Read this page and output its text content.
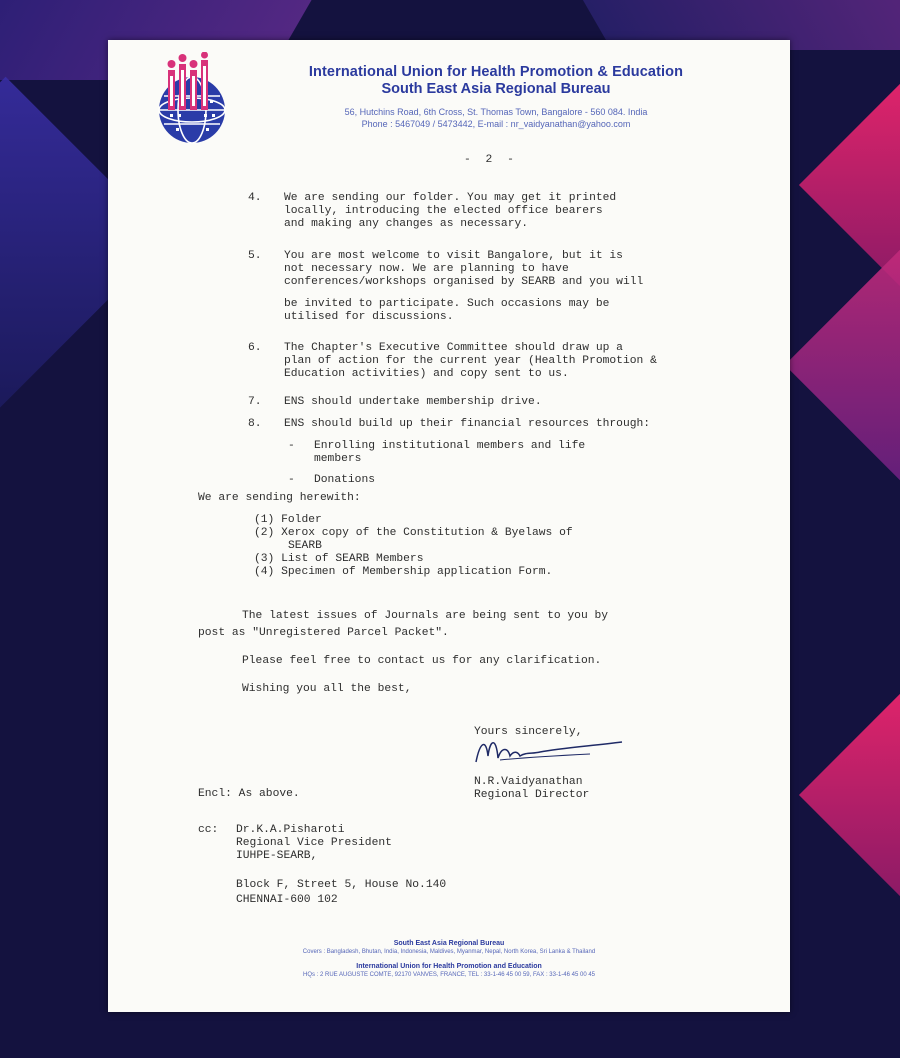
International Union for Health Promotion & Education
South East Asia Regional Bureau
56, Hutchins Road, 6th Cross, St. Thomas Town, Bangalore - 560 084. India
Phone : 5467049 / 5473442, E-mail : nr_vaidyanathan@yahoo.com
- 2 -
4. We are sending our folder. You may get it printed
locally, introducing the elected office bearers
and making any changes as necessary.
5. You are most welcome to visit Bangalore, but it is
not necessary now. We are planning to have
conferences/workshops organised by SEARB and you will
be invited to participate. Such occasions may be
utilised for discussions.
6. The Chapter's Executive Committee should draw up a
plan of action for the current year (Health Promotion &
Education activities) and copy sent to us.
7. ENS should undertake membership drive.
8. ENS should build up their financial resources through:
- Enrolling institutional members and life
members
- Donations
We are sending herewith:
(1) Folder
(2) Xerox copy of the Constitution & Byelaws of
SEARB
(3) List of SEARB Members
(4) Specimen of Membership application Form.
The latest issues of Journals are being sent to you by
post as "Unregistered Parcel Packet".
Please feel free to contact us for any clarification.
Wishing you all the best,
Yours sincerely,
N.R.Vaidyanathan
Regional Director
Encl: As above.
cc: Dr.K.A.Pisharoti
Regional Vice President
IUHPE-SEARB,
Block F, Street 5, House No.140
CHENNAI-600 102
South East Asia Regional Bureau
Covers : Bangladesh, Bhutan, India, Indonesia, Maldives, Myanmar, Nepal, North Korea, Sri Lanka & Thailand
International Union for Health Promotion and Education
HQs : 2 RUE AUGUSTE COMTE, 92170 VANVES, FRANCE, TEL : 33-1-46 45 00 59, FAX : 33-1-46 45 00 45
